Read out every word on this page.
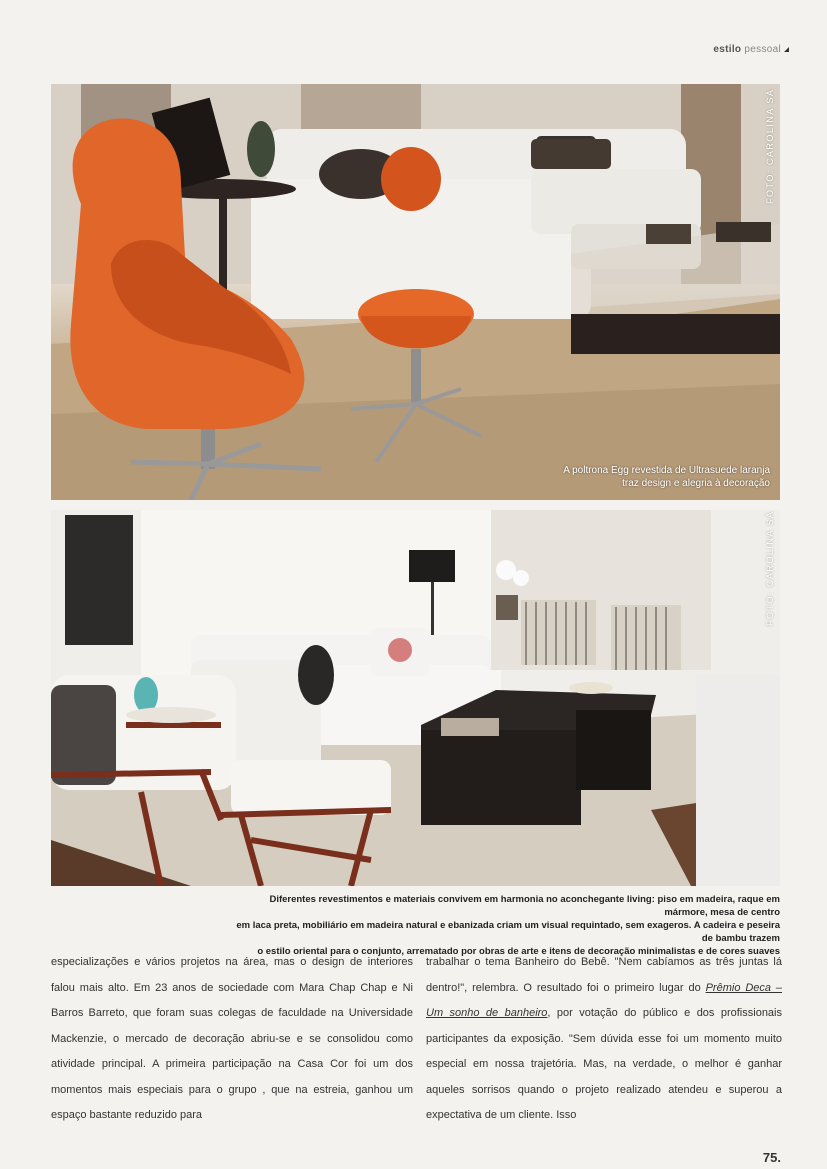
estilo pessoal
FOTO: CAROLINA SÁ
A poltrona Egg revestida de Ultrasuede laranja
traz design e alegria à decoração
FOTO: CAROLINA SÁ
Diferentes revestimentos e materiais convivem em harmonia no aconchegante living: piso em madeira, raque em mármore, mesa de centro
em laca preta, mobiliário em madeira natural e ebanizada criam um visual requintado, sem exageros. A cadeira e peseira de bambu trazem
o estilo oriental para o conjunto, arrematado por obras de arte e itens de decoração minimalistas e de cores suaves
especializações e vários projetos na área, mas o design de interiores falou mais alto. Em 23 anos de sociedade com Mara Chap Chap e Ni Barros Barreto, que foram suas colegas de faculdade na Universidade Mackenzie, o mercado de decoração abriu-se e se consolidou como atividade principal. A primeira participação na Casa Cor foi um dos momentos mais especiais para o grupo , que na estreia, ganhou um espaço bastante reduzido para
trabalhar o tema Banheiro do Bebê. "Nem cabíamos as três juntas lá dentro!", relembra. O resultado foi o primeiro lugar do Prêmio Deca – Um sonho de banheiro, por votação do público e dos profissionais participantes da exposição. "Sem dúvida esse foi um momento muito especial em nossa trajetória. Mas, na verdade, o melhor é ganhar aqueles sorrisos quando o projeto realizado atendeu e superou a expectativa de um cliente. Isso
75.
